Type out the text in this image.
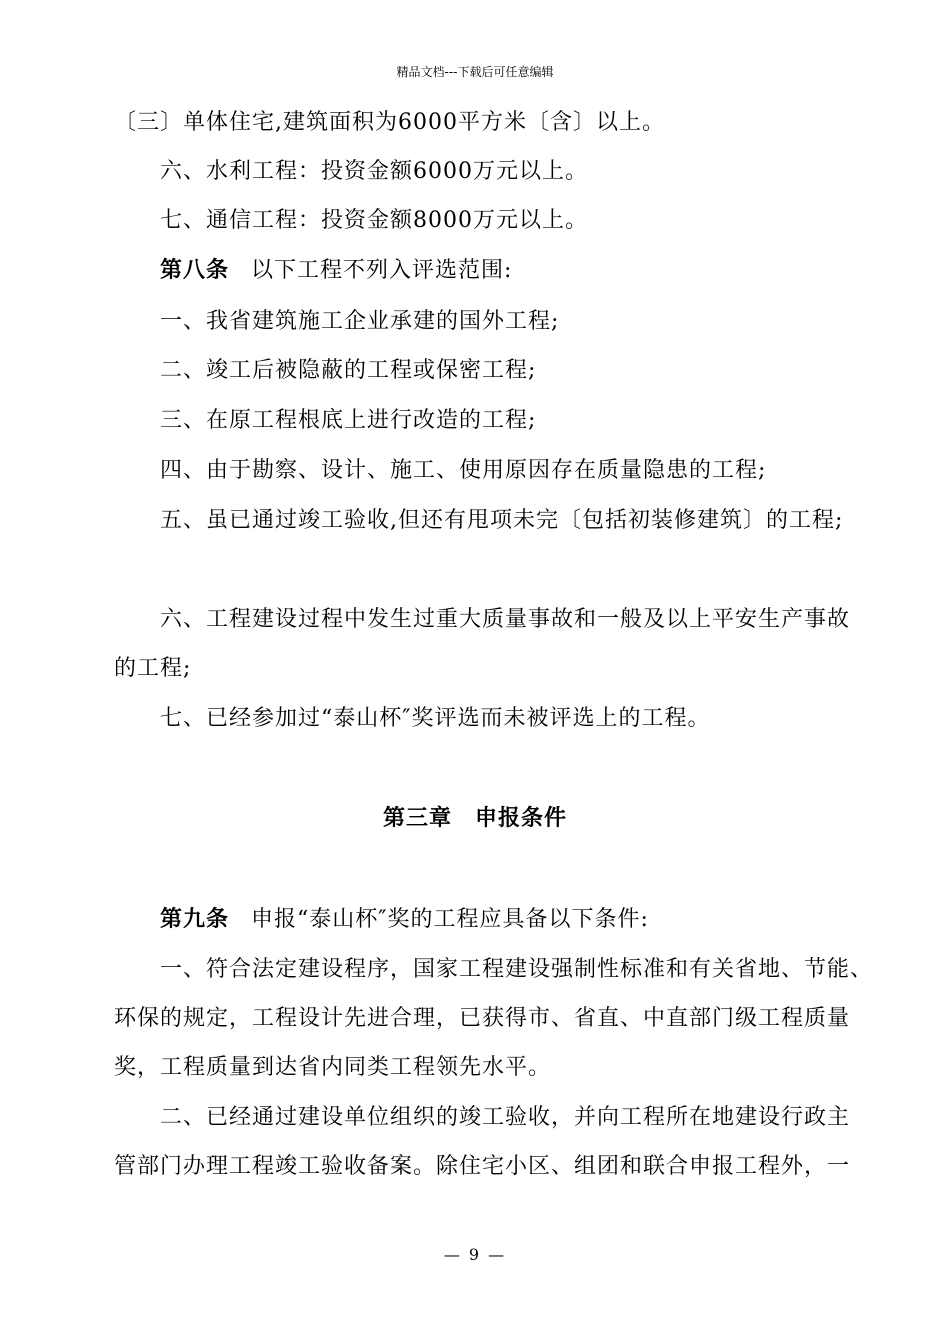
精品文档---下载后可任意编辑
〔三〕单体住宅,建筑面积为6000平方米〔含〕以上。
六、水利工程：投资金额6000万元以上。
七、通信工程：投资金额8000万元以上。
第八条 以下工程不列入评选范围:
一、我省建筑施工企业承建的国外工程;
二、竣工后被隐蔽的工程或保密工程;
三、在原工程根底上进行改造的工程;
四、由于勘察、设计、施工、使用原因存在质量隐患的工程;
五、虽已通过竣工验收,但还有甩项未完〔包括初装修建筑〕的工程;
六、工程建设过程中发生过重大质量事故和一般及以上平安生产事故
的工程;
七、已经参加过“泰山杯″奖评选而未被评选上的工程。
第三章　申报条件
第九条 申报“泰山杯″奖的工程应具备以下条件:
一、符合法定建设程序，国家工程建设强制性标准和有关省地、节能、
环保的规定，工程设计先进合理，已获得市、省直、中直部门级工程质量
奖，工程质量到达省内同类工程领先水平。
二、已经通过建设单位组织的竣工验收，并向工程所在地建设行政主
管部门办理工程竣工验收备案。除住宅小区、组团和联合申报工程外，一
— 9 —
